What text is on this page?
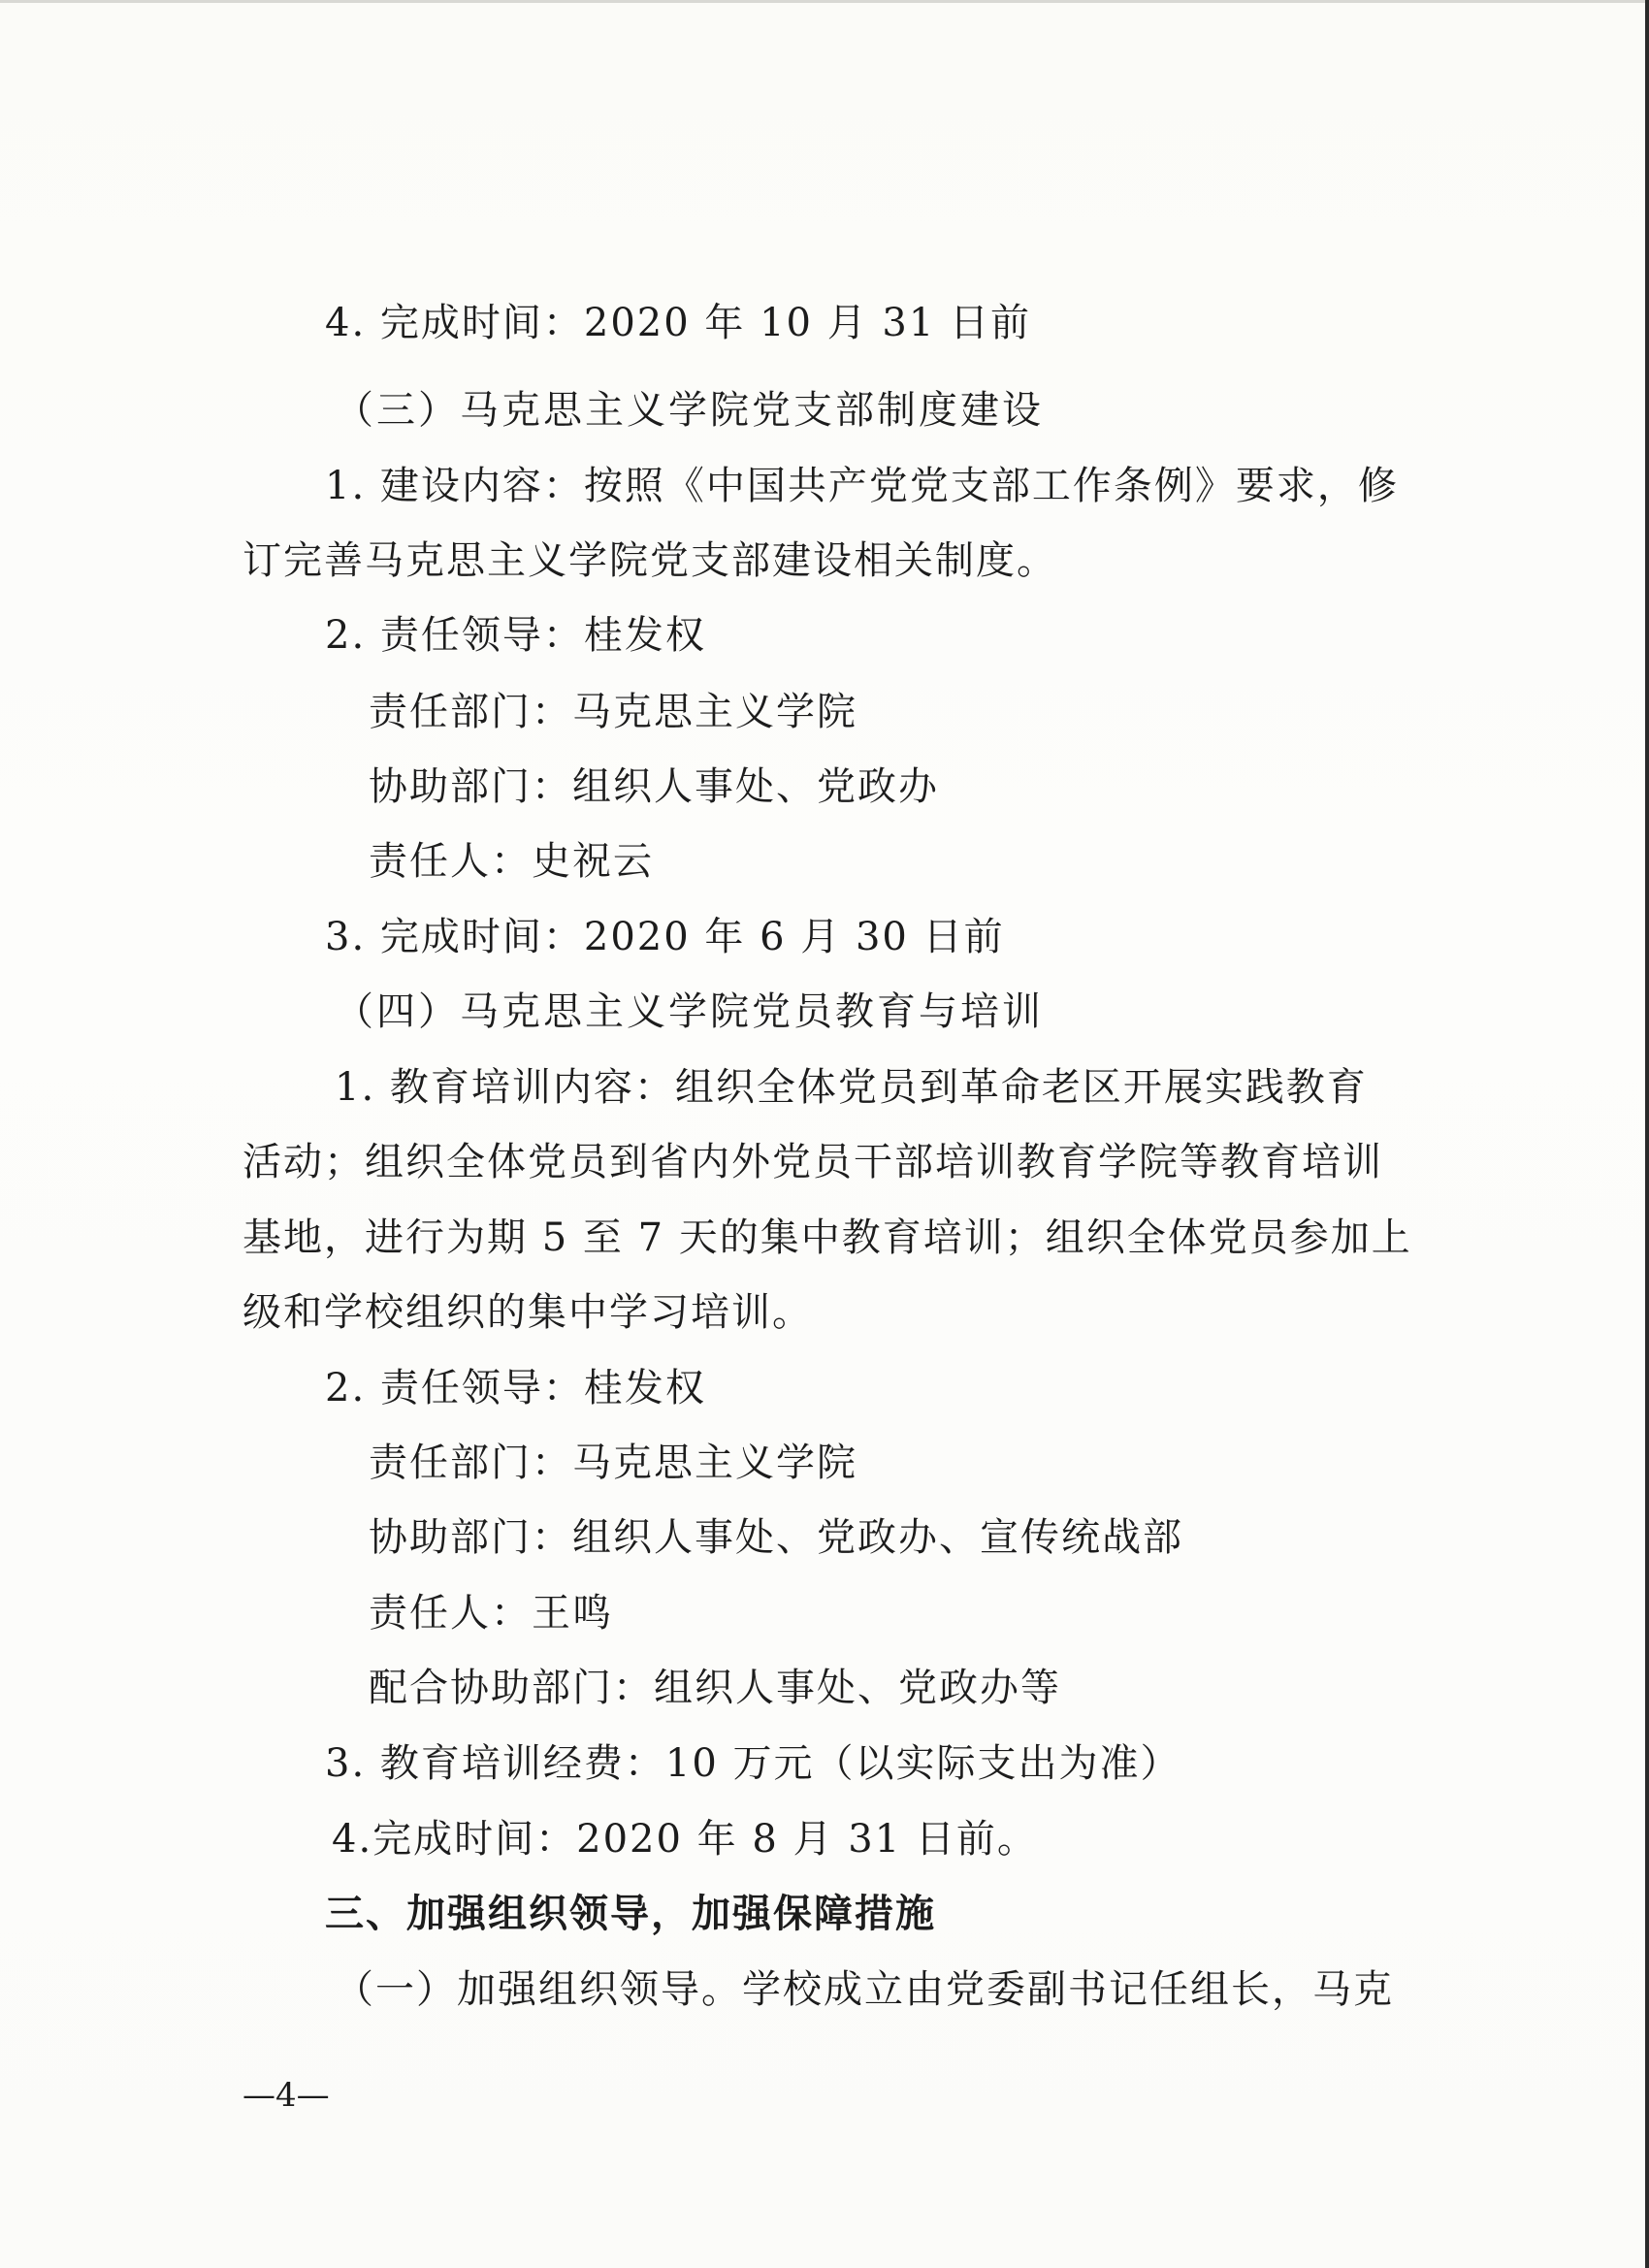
4. 完成时间：2020 年 10 月 31 日前
（三）马克思主义学院党支部制度建设
1. 建设内容：按照《中国共产党党支部工作条例》要求，修
订完善马克思主义学院党支部建设相关制度。
2. 责任领导：桂发权
责任部门：马克思主义学院
协助部门：组织人事处、党政办
责任人：史祝云
3. 完成时间：2020 年 6 月 30 日前
（四）马克思主义学院党员教育与培训
1. 教育培训内容：组织全体党员到革命老区开展实践教育
活动；组织全体党员到省内外党员干部培训教育学院等教育培训
基地，进行为期 5 至 7 天的集中教育培训；组织全体党员参加上
级和学校组织的集中学习培训。
2. 责任领导：桂发权
责任部门：马克思主义学院
协助部门：组织人事处、党政办、宣传统战部
责任人：王鸣
配合协助部门：组织人事处、党政办等
3. 教育培训经费：10 万元（以实际支出为准）
4.完成时间：2020 年 8 月 31 日前。
三、加强组织领导，加强保障措施
（一）加强组织领导。学校成立由党委副书记任组长，马克
—4—
